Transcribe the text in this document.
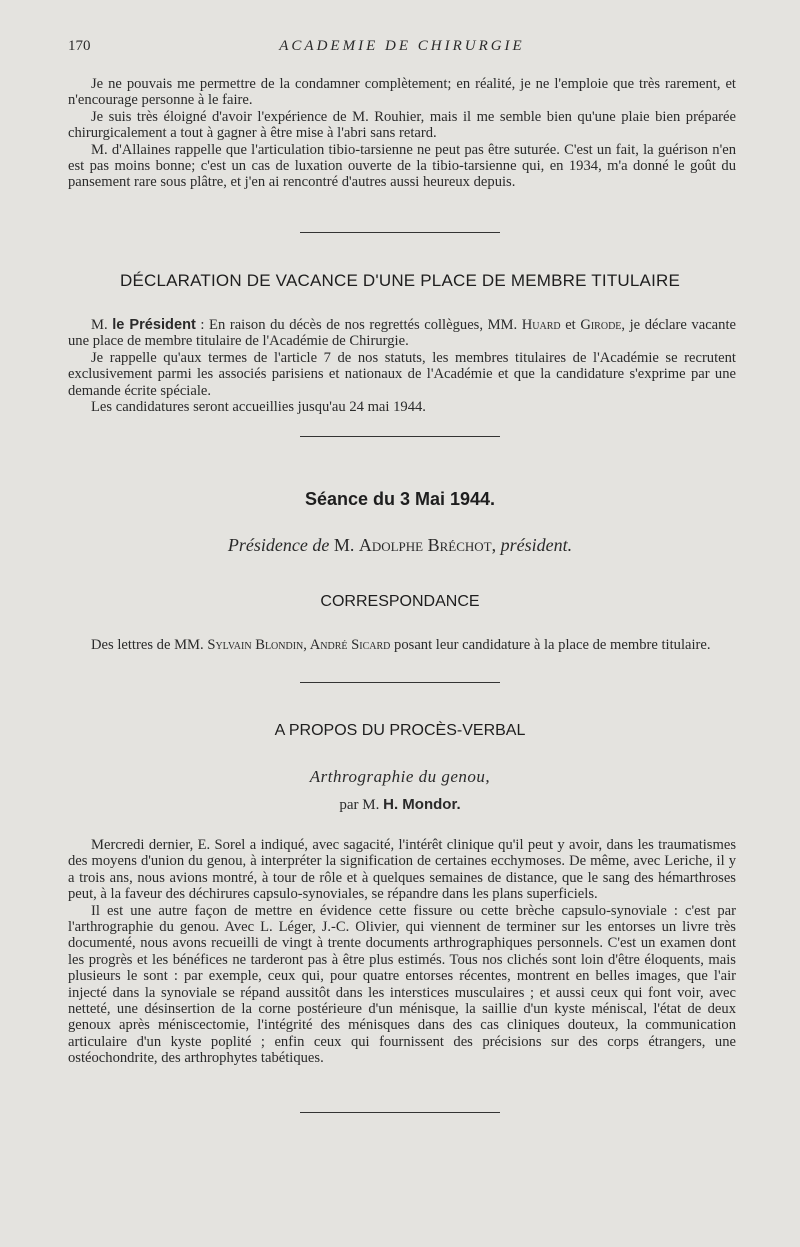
170	ACADEMIE DE CHIRURGIE

Je ne pouvais me permettre de la condamner complètement; en réalité, je ne l'emploie que très rarement, et n'encourage personne à le faire.

Je suis très éloigné d'avoir l'expérience de M. Rouhier, mais il me semble bien qu'une plaie bien préparée chirurgicalement a tout à gagner à être mise à l'abri sans retard.

M. d'Allaines rappelle que l'articulation tibio-tarsienne ne peut pas être suturée. C'est un fait, la guérison n'en est pas moins bonne; c'est un cas de luxation ouverte de la tibio-tarsienne qui, en 1934, m'a donné le goût du pansement rare sous plâtre, et j'en ai rencontré d'autres aussi heureux depuis.

DÉCLARATION DE VACANCE D'UNE PLACE DE MEMBRE TITULAIRE

M. le Président : En raison du décès de nos regrettés collègues, MM. Huard et Girode, je déclare vacante une place de membre titulaire de l'Académie de Chirurgie.

Je rappelle qu'aux termes de l'article 7 de nos statuts, les membres titulaires de l'Académie se recrutent exclusivement parmi les associés parisiens et nationaux de l'Académie et que la candidature s'exprime par une demande écrite spéciale.

Les candidatures seront accueillies jusqu'au 24 mai 1944.

Séance du 3 Mai 1944.
Présidence de M. Adolphe Bréchot, président.
CORRESPONDANCE

Des lettres de MM. Sylvain Blondin, André Sicard posant leur candidature à la place de membre titulaire.

A PROPOS DU PROCÈS-VERBAL
Arthrographie du genou,
par M. H. Mondor.

Mercredi dernier, E. Sorel a indiqué, avec sagacité, l'intérêt clinique qu'il peut y avoir, dans les traumatismes des moyens d'union du genou, à interpréter la signification de certaines ecchymoses. De même, avec Leriche, il y a trois ans, nous avions montré, à tour de rôle et à quelques semaines de distance, que le sang des hémarthroses peut, à la faveur des déchirures capsulo-synoviales, se répandre dans les plans superficiels.

Il est une autre façon de mettre en évidence cette fissure ou cette brèche capsulo-synoviale : c'est par l'arthrographie du genou. Avec L. Léger, J.-C. Olivier, qui viennent de terminer sur les entorses un livre très documenté, nous avons recueilli de vingt à trente documents arthrographiques personnels. C'est un examen dont les progrès et les bénéfices ne tarderont pas à être plus estimés. Tous nos clichés sont loin d'être éloquents, mais plusieurs le sont : par exemple, ceux qui, pour quatre entorses récentes, montrent en belles images, que l'air injecté dans la synoviale se répand aussitôt dans les interstices musculaires ; et aussi ceux qui font voir, avec netteté, une désinsertion de la corne postérieure d'un ménisque, la saillie d'un kyste méniscal, l'état de deux genoux après méniscectomie, l'intégrité des ménisques dans des cas cliniques douteux, la communication articulaire d'un kyste poplité ; enfin ceux qui fournissent des précisions sur des corps étrangers, une ostéochondrite, des arthrophytes tabétiques.
